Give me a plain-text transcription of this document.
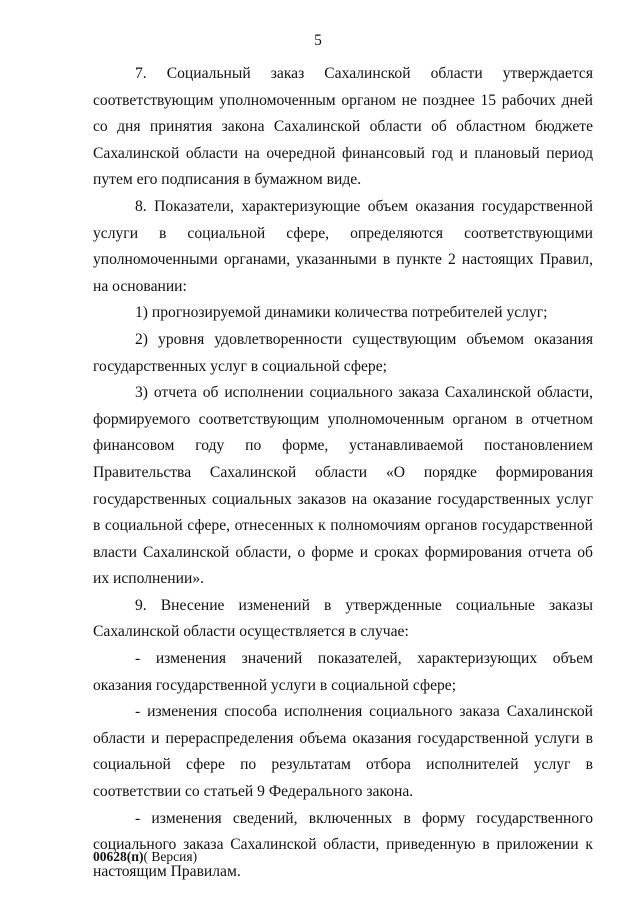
5

7. Социальный заказ Сахалинской области утверждается соответствующим уполномоченным органом не позднее 15 рабочих дней со дня принятия закона Сахалинской области об областном бюджете Сахалинской области на очередной финансовый год и плановый период путем его подписания в бумажном виде.

8. Показатели, характеризующие объем оказания государственной услуги в социальной сфере, определяются соответствующими уполномоченными органами, указанными в пункте 2 настоящих Правил, на основании:

1) прогнозируемой динамики количества потребителей услуг;

2) уровня удовлетворенности существующим объемом оказания государственных услуг в социальной сфере;

3) отчета об исполнении социального заказа Сахалинской области, формируемого соответствующим уполномоченным органом в отчетном финансовом году по форме, устанавливаемой постановлением Правительства Сахалинской области «О порядке формирования государственных социальных заказов на оказание государственных услуг в социальной сфере, отнесенных к полномочиям органов государственной власти Сахалинской области, о форме и сроках формирования отчета об их исполнении».

9. Внесение изменений в утвержденные социальные заказы Сахалинской области осуществляется в случае:

- изменения значений показателей, характеризующих объем оказания государственной услуги в социальной сфере;

- изменения способа исполнения социального заказа Сахалинской области и перераспределения объема оказания государственной услуги в социальной сфере по результатам отбора исполнителей услуг в соответствии со статьей 9 Федерального закона.

- изменения сведений, включенных в форму государственного социального заказа Сахалинской области, приведенную в приложении к настоящим Правилам.

00628(п)( Версия)
